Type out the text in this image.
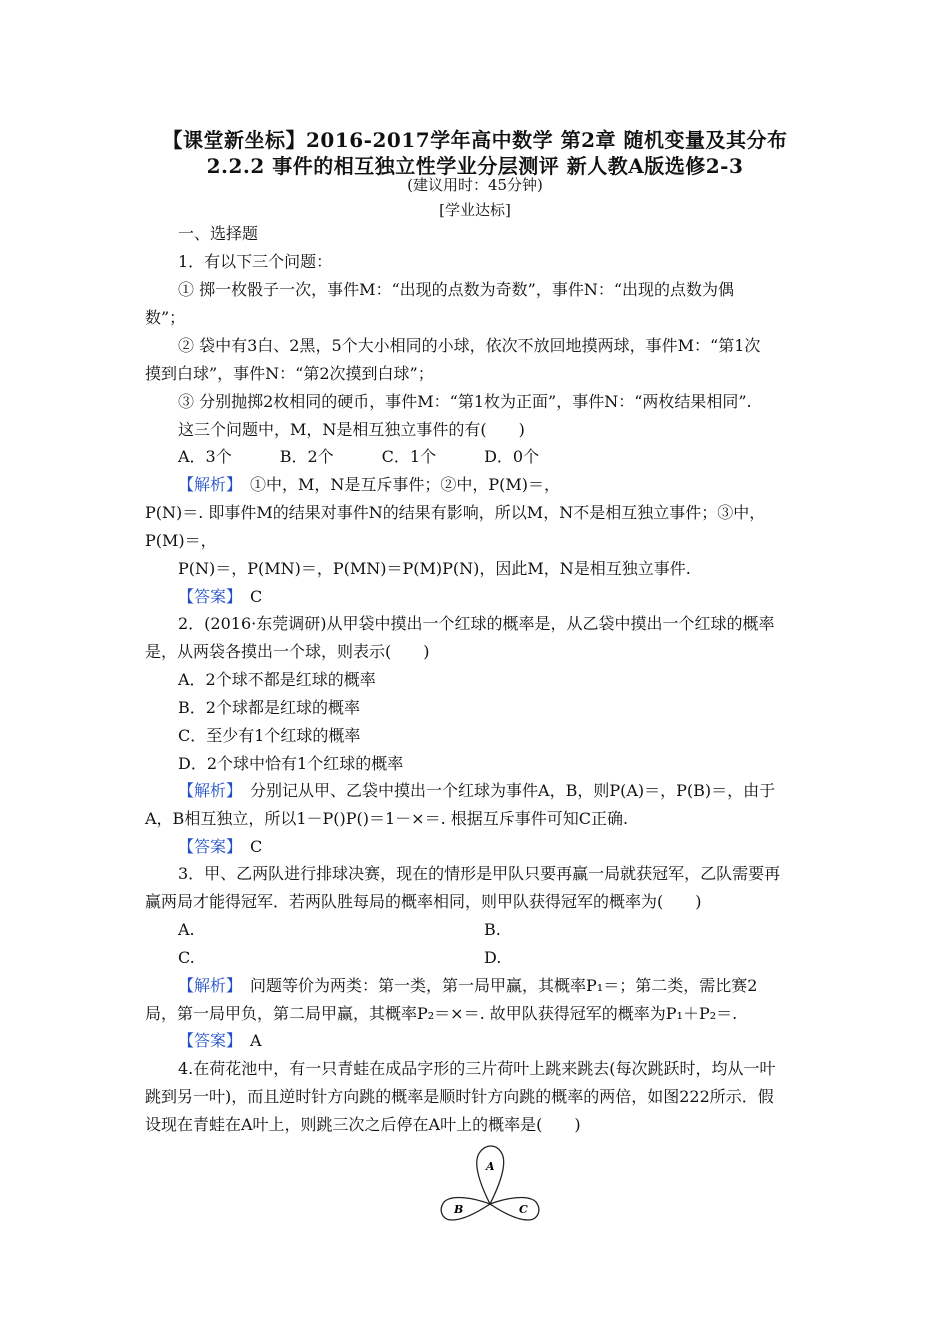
【课堂新坐标】2016-2017学年高中数学 第2章 随机变量及其分布
2.2.2 事件的相互独立性学业分层测评 新人教A版选修2-3
(建议用时：45分钟)
[学业达标]
一、选择题
1．有以下三个问题：
① 掷一枚骰子一次，事件M：“出现的点数为奇数”，事件N：“出现的点数为偶
数”；
② 袋中有3白、2黑，5个大小相同的小球，依次不放回地摸两球，事件M：“第1次
摸到白球”，事件N：“第2次摸到白球”；
③ 分别抛掷2枚相同的硬币，事件M：“第1枚为正面”，事件N：“两枚结果相同”.
这三个问题中，M，N是相互独立事件的有(　　)
A．3个　　　B．2个　　　C．1个　　　D．0个
【解析】　①中，M，N是互斥事件；②中，P(M)＝，
P(N)＝. 即事件M的结果对事件N的结果有影响，所以M，N不是相互独立事件；③中，
P(M)＝，
P(N)＝，P(MN)＝，P(MN)＝P(M)P(N)，因此M，N是相互独立事件.
【答案】　C
2．(2016·东莞调研)从甲袋中摸出一个红球的概率是，从乙袋中摸出一个红球的概率
是，从两袋各摸出一个球，则表示(　　)
A．2个球不都是红球的概率
B．2个球都是红球的概率
C．至少有1个红球的概率
D．2个球中恰有1个红球的概率
【解析】　分别记从甲、乙袋中摸出一个红球为事件A，B，则P(A)＝，P(B)＝，由于
A，B相互独立，所以1－P()P()＝1－×＝. 根据互斥事件可知C正确.
【答案】　C
3．甲、乙两队进行排球决赛，现在的情形是甲队只要再赢一局就获冠军，乙队需要再
赢两局才能得冠军．若两队胜每局的概率相同，则甲队获得冠军的概率为(　　)
A.	B.
C.	D.
【解析】　问题等价为两类：第一类，第一局甲赢，其概率P₁＝；第二类，需比赛2
局，第一局甲负，第二局甲赢，其概率P₂＝×＝. 故甲队获得冠军的概率为P₁＋P₂＝.
【答案】　A
4.在荷花池中，有一只青蛙在成品字形的三片荷叶上跳来跳去(每次跳跃时，均从一叶
跳到另一叶)，而且逆时针方向跳的概率是顺时针方向跳的概率的两倍，如图222所示．假
设现在青蛙在A叶上，则跳三次之后停在A叶上的概率是(　　)
A
B	C
